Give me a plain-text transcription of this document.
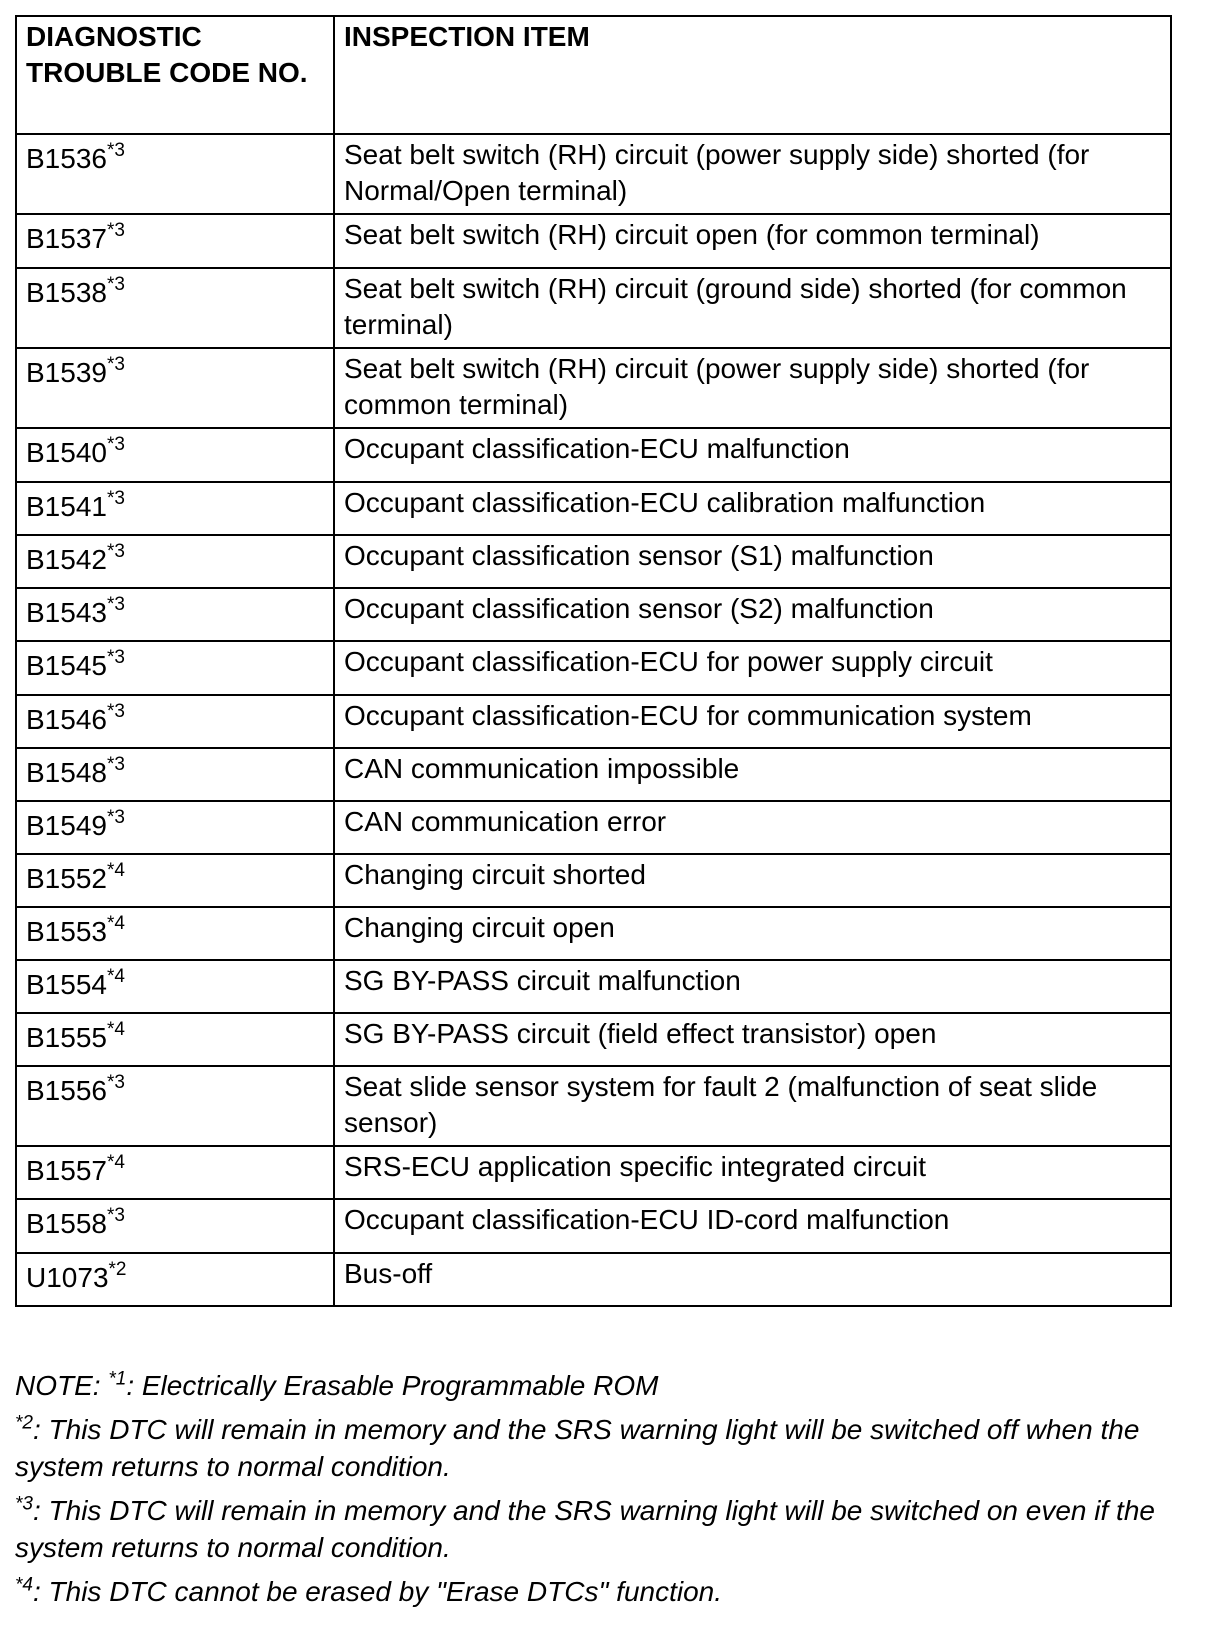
DIAGNOSTIC TROUBLE CODE NO.	INSPECTION ITEM
B1536$^{*3}$	Seat belt switch (RH) circuit (power supply side) shorted (for Normal/Open terminal)
B1537$^{*3}$	Seat belt switch (RH) circuit open (for common terminal)
B1538$^{*3}$	Seat belt switch (RH) circuit (ground side) shorted (for common terminal)
B1539$^{*3}$	Seat belt switch (RH) circuit (power supply side) shorted (for common terminal)
B1540$^{*3}$	Occupant classification-ECU malfunction
B1541$^{*3}$	Occupant classification-ECU calibration malfunction
B1542$^{*3}$	Occupant classification sensor (S1) malfunction
B1543$^{*3}$	Occupant classification sensor (S2) malfunction
B1545$^{*3}$	Occupant classification-ECU for power supply circuit
B1546$^{*3}$	Occupant classification-ECU for communication system
B1548$^{*3}$	CAN communication impossible
B1549$^{*3}$	CAN communication error
B1552$^{*4}$	Changing circuit shorted
B1553$^{*4}$	Changing circuit open
B1554$^{*4}$	SG BY-PASS circuit malfunction
B1555$^{*4}$	SG BY-PASS circuit (field effect transistor) open
B1556$^{*3}$	Seat slide sensor system for fault 2 (malfunction of seat slide sensor)
B1557$^{*4}$	SRS-ECU application specific integrated circuit
B1558$^{*3}$	Occupant classification-ECU ID-cord malfunction
U1073$^{*2}$	Bus-off

NOTE: $^{*1}$: Electrically Erasable Programmable ROM

$^{*2}$: This DTC will remain in memory and the SRS warning light will be switched off when the system returns to normal condition.

$^{*3}$: This DTC will remain in memory and the SRS warning light will be switched on even if the system returns to normal condition.

$^{*4}$: This DTC cannot be erased by "Erase DTCs" function.
